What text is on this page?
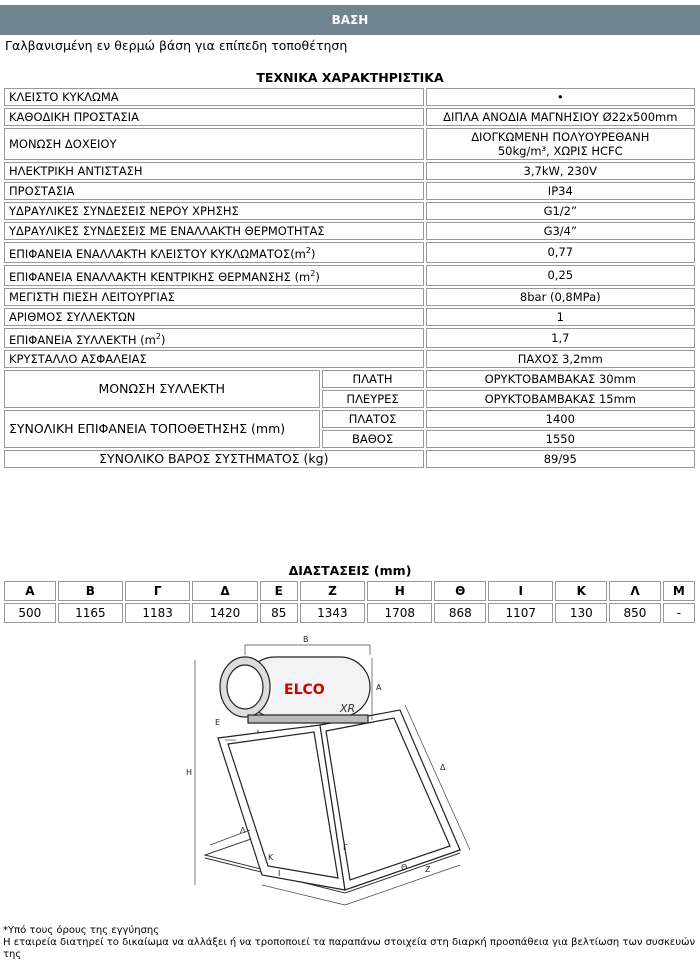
ΒΑΣΗ
Γαλβανισμένη εν θερμώ βάση για επίπεδη τοποθέτηση
ΤΕΧΝΙΚΑ ΧΑΡΑΚΤΗΡΙΣΤΙΚΑ
ΚΛΕΙΣΤΟ ΚΥΚΛΩΜΑ		•

ΚΑΘΟΔΙΚΗ ΠΡΟΣΤΑΣΙΑ		ΔΙΠΛΑ ΑΝΟΔΙΑ ΜΑΓΝΗΣΙΟΥ Ø22x500mm

ΜΟΝΩΣΗ ΔΟΧΕΙΟΥ		ΔΙΟΓΚΩΜΕΝΗ ΠΟΛΥΟΥΡΕΘΑΝΗ
50kg/m³, ΧΩΡΙΣ HCFC

ΗΛΕΚΤΡΙΚΗ ΑΝΤΙΣΤΑΣΗ		3,7kW, 230V

ΠΡΟΣΤΑΣΙΑ		IP34

ΥΔΡΑΥΛΙΚΕΣ ΣΥΝΔΕΣΕΙΣ ΝΕΡΟΥ ΧΡΗΣΗΣ		G1/2”

ΥΔΡΑΥΛΙΚΕΣ ΣΥΝΔΕΣΕΙΣ ΜΕ ΕΝΑΛΛΑΚΤΗ ΘΕΡΜΟΤΗΤΑΣ		G3/4”

ΕΠΙΦΑΝΕΙΑ ΕΝΑΛΛΑΚΤΗ ΚΛΕΙΣΤΟΥ $K\Upsilon K\Lambda\Omega MATO\Sigma(m^2)$		0,77

ΕΠΙΦΑΝΕΙΑ ΕΝΑΛΛΑΚΤΗ ΚΕΝΤΡΙΚΗΣ ΘΕΡΜΑΝΣΗΣ $(m^2)$		0,25

ΜΕΓΙΣΤΗ ΠΙΕΣΗ ΛΕΙΤΟΥΡΓΙΑΣ		8bar (0,8MPa)

ΑΡΙΘΜΟΣ ΣΥΛΛΕΚΤΩΝ		1

ΕΠΙΦΑΝΕΙΑ ΣΥΛΛΕΚΤΗ $(m^2)$		1,7

ΚΡΥΣΤΑΛΛΟ ΑΣΦΑΛΕΙΑΣ		ΠΑΧΟΣ 3,2mm

ΜΟΝΩΣΗ ΣΥΛΛΕΚΤΗ	ΠΛΑΤΗ	ΟΡΥΚΤΟΒΑΜΒΑΚΑΣ 30mm
	ΠΛΕΥΡΕΣ	ΟΡΥΚΤΟΒΑΜΒΑΚΑΣ 15mm
ΣΥΝΟΛΙΚΗ ΕΠΙΦΑΝΕΙΑ ΤΟΠΟΘΕΤΗΣΗΣ (mm)	ΠΛΑΤΟΣ	1400
	ΒΑΘΟΣ	1550
ΣΥΝΟΛΙΚΟ ΒΑΡΟΣ ΣΥΣΤΗΜΑΤΟΣ (kg)		89/95
ΔΙΑΣΤΑΣΕΙΣ (mm)
Α	Β	Γ	Δ	Ε	Ζ	Η	Θ	Ι	Κ	Λ	Μ
500	1165	1183	1420	85	1343	1708	868	1107	130	850	-
ELCO
XR
Β
Α
Η
Δ
Ε
Λ
Γ
Θ
Ι	Ζ
Κ
*Υπό τους όρους της εγγύησης
Η εταιρεία διατηρεί το δικαίωμα να αλλάξει ή να τροποποιεί τα παραπάνω στοιχεία στη διαρκή προσπάθεια για βελτίωση των συσκευών της
